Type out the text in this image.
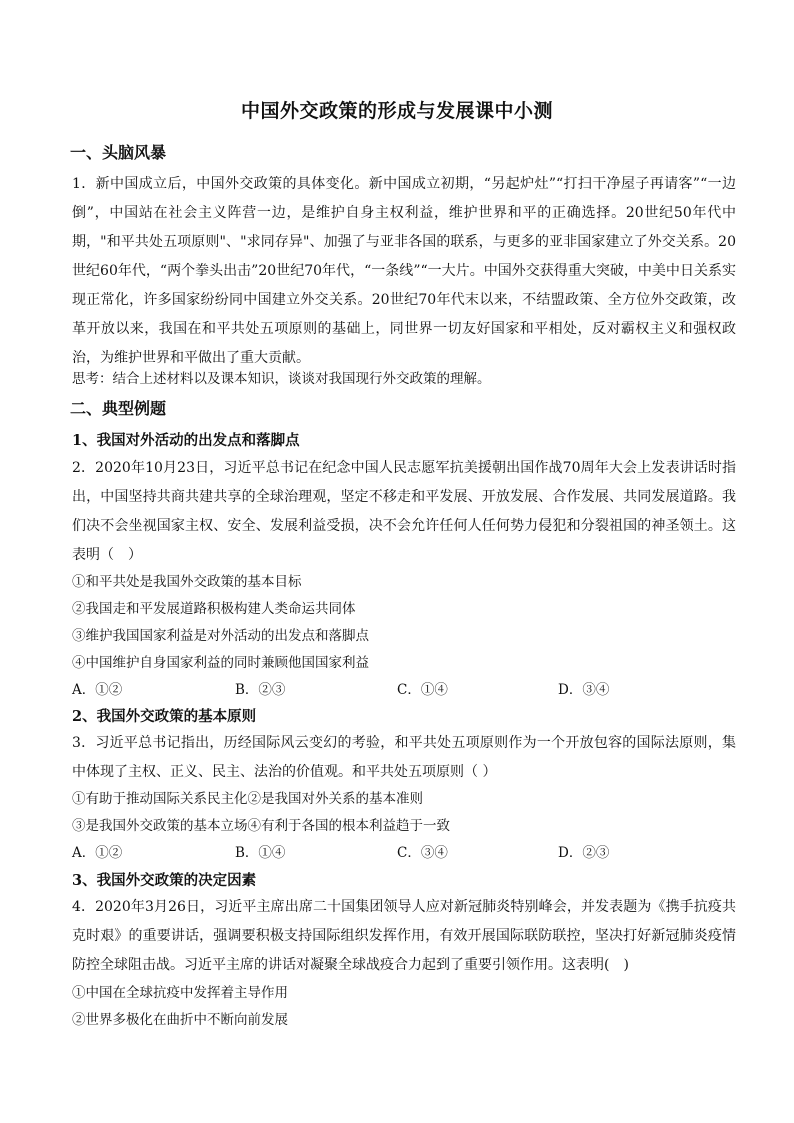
中国外交政策的形成与发展课中小测
一、头脑风暴
1．新中国成立后，中国外交政策的具体变化。新中国成立初期，“另起炉灶”“打扫干净屋子再请客”“一边倒”，中国站在社会主义阵营一边，是维护自身主权利益，维护世界和平的正确选择。20世纪50年代中期，"和平共处五项原则"、"求同存异"、加强了与亚非各国的联系，与更多的亚非国家建立了外交关系。20世纪60年代，“两个拳头出击”20世纪70年代，“一条线”“一大片。中国外交获得重大突破，中美中日关系实现正常化，许多国家纷纷同中国建立外交关系。20世纪70年代末以来，不结盟政策、全方位外交政策，改革开放以来，我国在和平共处五项原则的基础上，同世界一切友好国家和平相处，反对霸权主义和强权政治，为维护世界和平做出了重大贡献。
思考：结合上述材料以及课本知识，谈谈对我国现行外交政策的理解。
二、典型例题
1、我国对外活动的出发点和落脚点
2．2020年10月23日，习近平总书记在纪念中国人民志愿军抗美援朝出国作战70周年大会上发表讲话时指出，中国坚持共商共建共享的全球治理观，坚定不移走和平发展、开放发展、合作发展、共同发展道路。我们决不会坐视国家主权、安全、发展利益受损，决不会允许任何人任何势力侵犯和分裂祖国的神圣领土。这表明（　）
①和平共处是我国外交政策的基本目标
②我国走和平发展道路积极构建人类命运共同体
③维护我国国家利益是对外活动的出发点和落脚点
④中国维护自身国家利益的同时兼顾他国国家利益
A．①②	B．②③	C．①④	D．③④
2、我国外交政策的基本原则
3．习近平总书记指出，历经国际风云变幻的考验，和平共处五项原则作为一个开放包容的国际法原则，集中体现了主权、正义、民主、法治的价值观。和平共处五项原则（ ）
①有助于推动国际关系民主化②是我国对外关系的基本准则
③是我国外交政策的基本立场④有利于各国的根本利益趋于一致
A．①②	B．①④	C．③④	D．②③
3、我国外交政策的决定因素
4．2020年3月26日，习近平主席出席二十国集团领导人应对新冠肺炎特别峰会，并发表题为《携手抗疫共克时艰》的重要讲话，强调要积极支持国际组织发挥作用，有效开展国际联防联控，坚决打好新冠肺炎疫情防控全球阻击战。习近平主席的讲话对凝聚全球战疫合力起到了重要引领作用。这表明(　)
①中国在全球抗疫中发挥着主导作用
②世界多极化在曲折中不断向前发展
